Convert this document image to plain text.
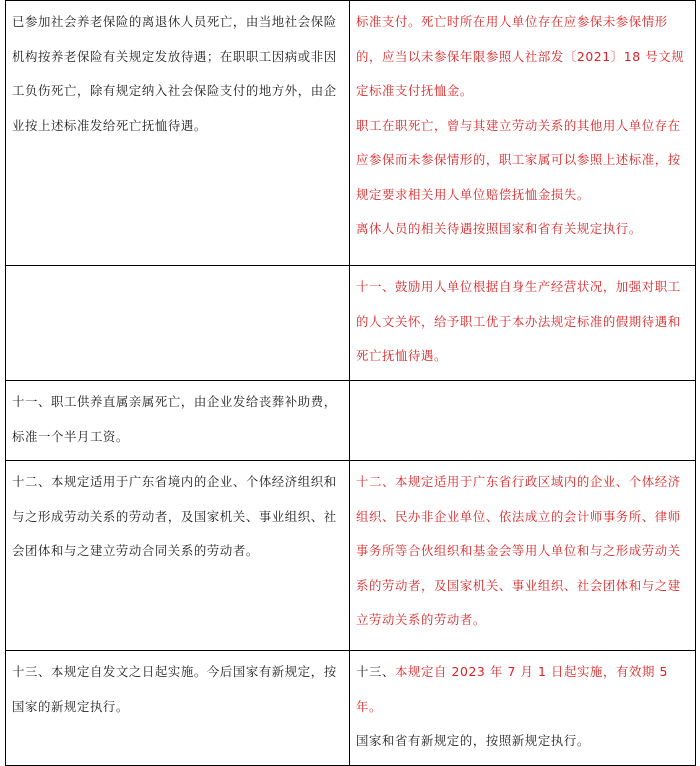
已参加社会养老保险的离退休人员死亡，由当地社会保险机构按养老保险有关规定发放待遇；在职职工因病或非因工负伤死亡，除有规定纳入社会保险支付的地方外，由企业按上述标准发给死亡抚恤待遇。	标准支付。死亡时所在用人单位存在应参保未参保情形的，应当以未参保年限参照人社部发〔2021〕18 号文规定标准支付抚恤金。
职工在职死亡，曾与其建立劳动关系的其他用人单位存在应参保而未参保情形的，职工家属可以参照上述标准，按规定要求相关用人单位赔偿抚恤金损失。
离休人员的相关待遇按照国家和省有关规定执行。

	十一、鼓励用人单位根据自身生产经营状况，加强对职工的人文关怀，给予职工优于本办法规定标准的假期待遇和死亡抚恤待遇。

十一、职工供养直属亲属死亡，由企业发给丧葬补助费，标准一个半月工资。	

十二、本规定适用于广东省境内的企业、个体经济组织和与之形成劳动关系的劳动者，及国家机关、事业组织、社会团体和与之建立劳动合同关系的劳动者。	十二、本规定适用于广东省行政区域内的企业、个体经济组织、民办非企业单位、依法成立的会计师事务所、律师事务所等合伙组织和基金会等用人单位和与之形成劳动关系的劳动者，及国家机关、事业组织、社会团体和与之建立劳动关系的劳动者。

十三、本规定自发文之日起实施。今后国家有新规定，按国家的新规定执行。	十三、本规定自 2023 年 7 月 1 日起实施，有效期 5 年。
国家和省有新规定的，按照新规定执行。
